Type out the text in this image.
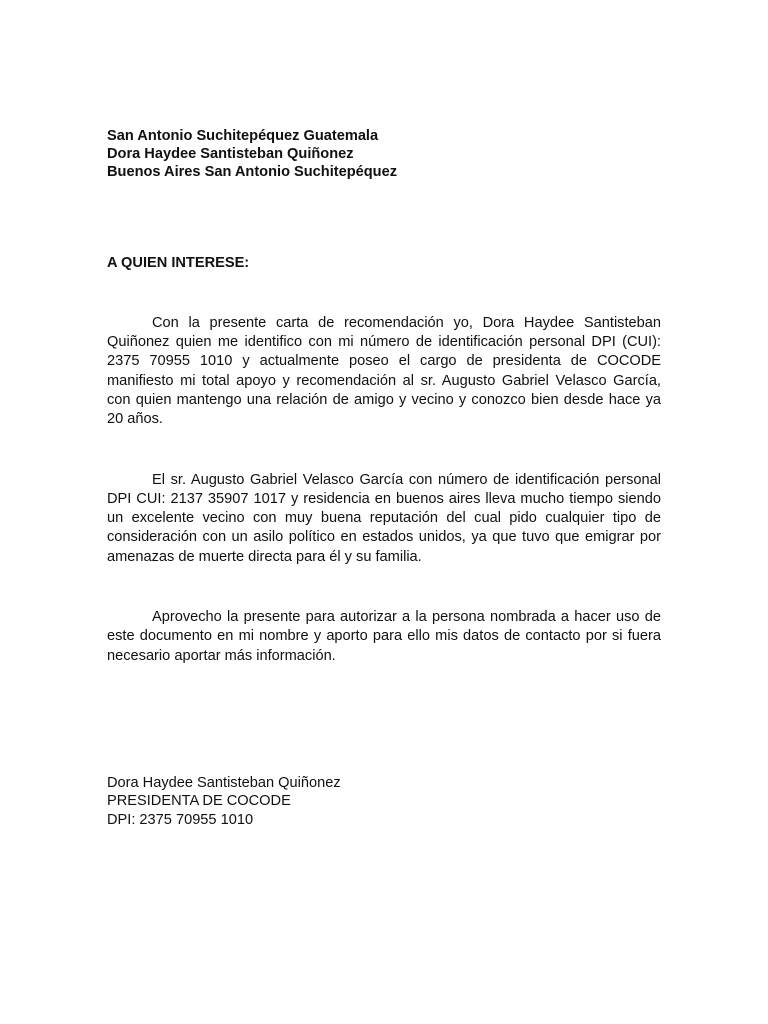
San Antonio Suchitepéquez Guatemala
Dora Haydee Santisteban Quiñonez
Buenos Aires San Antonio Suchitepéquez
A QUIEN INTERESE:

Con la presente carta de recomendación yo, Dora Haydee Santisteban Quiñonez quien me identifico con mi número de identificación personal DPI (CUI): 2375 70955 1010 y actualmente poseo el cargo de presidenta de COCODE manifiesto mi total apoyo y recomendación al sr. Augusto Gabriel Velasco García, con quien mantengo una relación de amigo y vecino y conozco bien desde hace ya 20 años.

El sr. Augusto Gabriel Velasco García con número de identificación personal DPI CUI: 2137 35907 1017 y residencia en buenos aires lleva mucho tiempo siendo un excelente vecino con muy buena reputación del cual pido cualquier tipo de consideración con un asilo político en estados unidos, ya que tuvo que emigrar por amenazas de muerte directa para él y su familia.

Aprovecho la presente para autorizar a la persona nombrada a hacer uso de este documento en mi nombre y aporto para ello mis datos de contacto por si fuera necesario aportar más información.

Dora Haydee Santisteban Quiñonez
PRESIDENTA DE COCODE
DPI: 2375 70955 1010
